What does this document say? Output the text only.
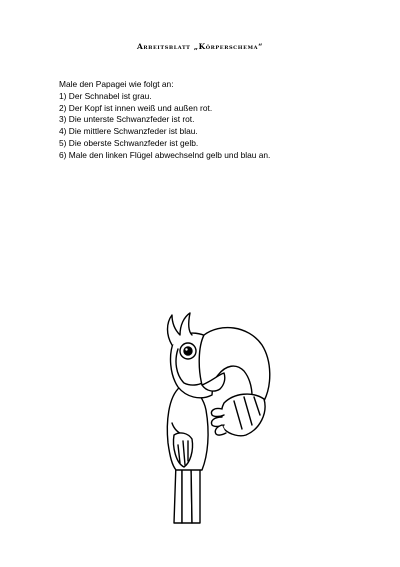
Arbeitsblatt „Körperschema“
Male den Papagei wie folgt an:
1) Der Schnabel ist grau.
2) Der Kopf ist innen weiß und außen rot.
3) Die unterste Schwanzfeder ist rot.
4) Die mittlere Schwanzfeder ist blau.
5) Die oberste Schwanzfeder ist gelb.
6) Male den linken Flügel abwechselnd gelb und blau an.
